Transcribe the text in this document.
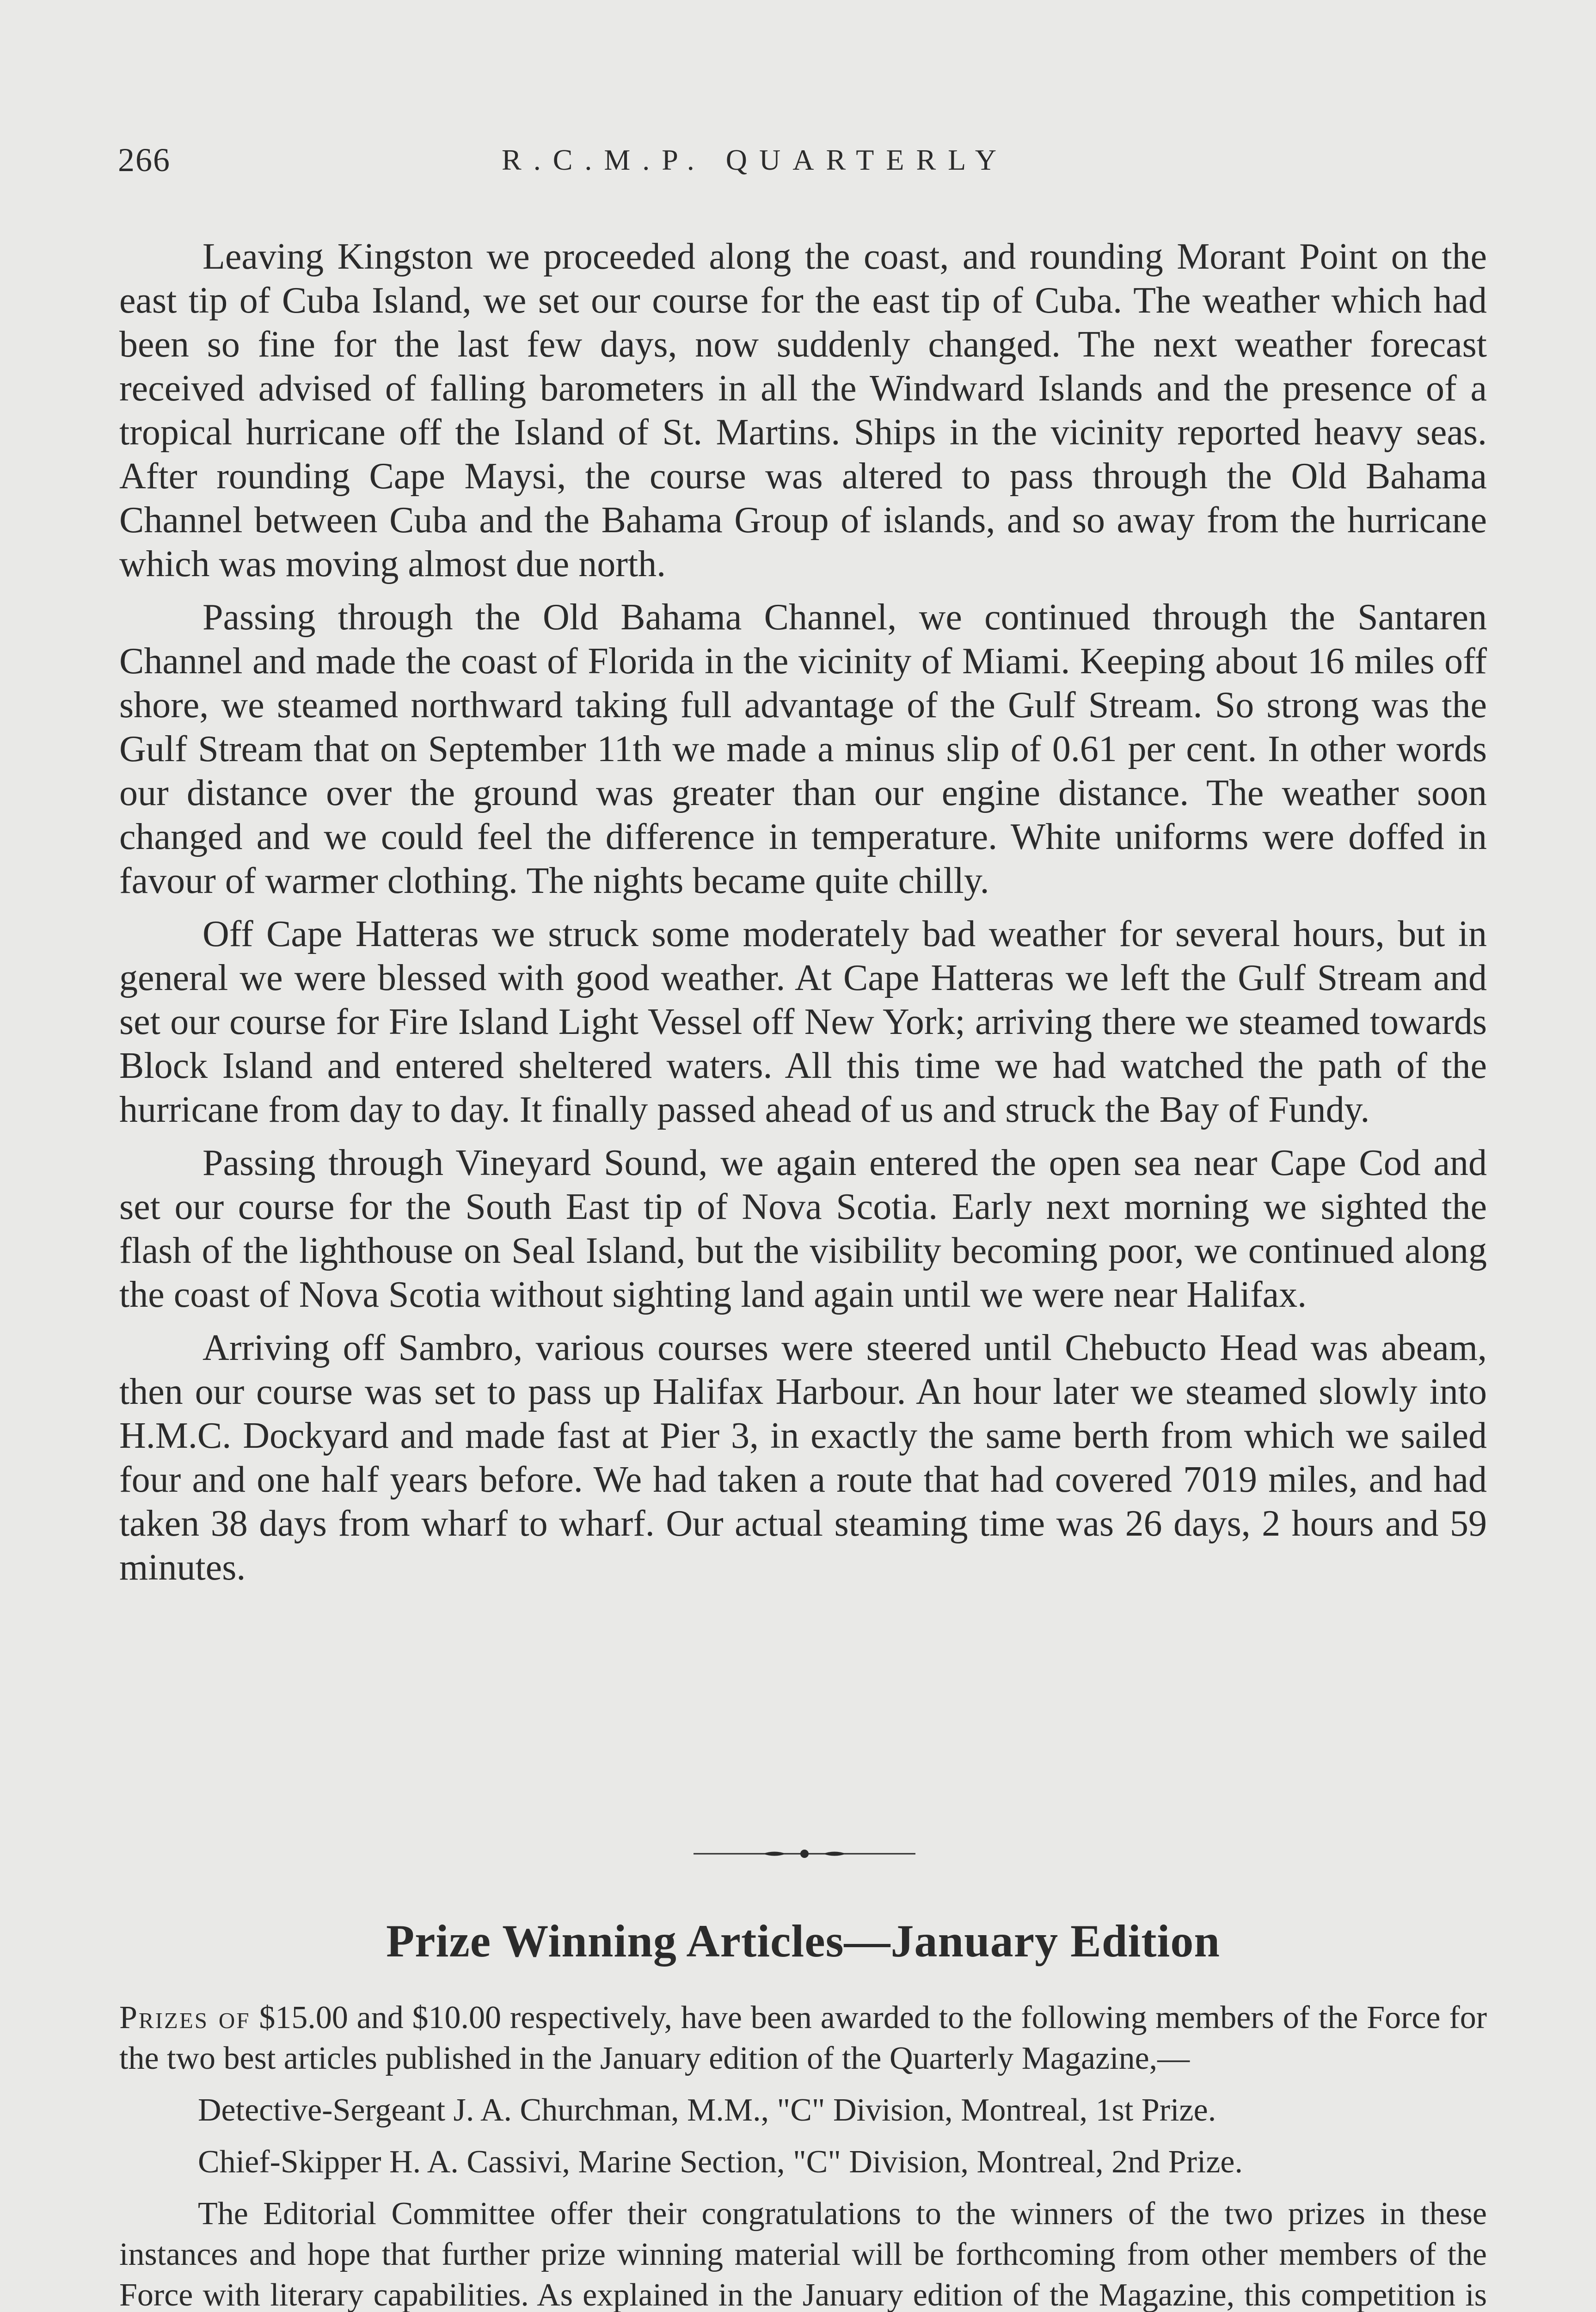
266	R.C.M.P. QUARTERLY

Leaving Kingston we proceeded along the coast, and rounding Morant Point on the east tip of Cuba Island, we set our course for the east tip of Cuba. The weather which had been so fine for the last few days, now suddenly changed. The next weather forecast received advised of falling barometers in all the Windward Islands and the presence of a tropical hurricane off the Island of St. Martins. Ships in the vicinity reported heavy seas. After rounding Cape Maysi, the course was altered to pass through the Old Bahama Channel between Cuba and the Bahama Group of islands, and so away from the hurricane which was moving almost due north.

Passing through the Old Bahama Channel, we continued through the Santaren Channel and made the coast of Florida in the vicinity of Miami. Keeping about 16 miles off shore, we steamed northward taking full advantage of the Gulf Stream. So strong was the Gulf Stream that on September 11th we made a minus slip of 0.61 per cent. In other words our distance over the ground was greater than our engine distance. The weather soon changed and we could feel the difference in temperature. White uniforms were doffed in favour of warmer clothing. The nights became quite chilly.

Off Cape Hatteras we struck some moderately bad weather for several hours, but in general we were blessed with good weather. At Cape Hatteras we left the Gulf Stream and set our course for Fire Island Light Vessel off New York; arriving there we steamed towards Block Island and entered sheltered waters. All this time we had watched the path of the hurricane from day to day. It finally passed ahead of us and struck the Bay of Fundy.

Passing through Vineyard Sound, we again entered the open sea near Cape Cod and set our course for the South East tip of Nova Scotia. Early next morning we sighted the flash of the lighthouse on Seal Island, but the visibility becoming poor, we continued along the coast of Nova Scotia without sighting land again until we were near Halifax.

Arriving off Sambro, various courses were steered until Chebucto Head was abeam, then our course was set to pass up Halifax Harbour. An hour later we steamed slowly into H.M.C. Dockyard and made fast at Pier 3, in exactly the same berth from which we sailed four and one half years before. We had taken a route that had covered 7019 miles, and had taken 38 days from wharf to wharf. Our actual steaming time was 26 days, 2 hours and 59 minutes.

Prize Winning Articles—January Edition

Prizes of $15.00 and $10.00 respectively, have been awarded to the following members of the Force for the two best articles published in the January edition of the Quarterly Magazine,—

Detective-Sergeant J. A. Churchman, M.M., "C" Division, Montreal, 1st Prize.

Chief-Skipper H. A. Cassivi, Marine Section, "C" Division, Montreal, 2nd Prize.

The Editorial Committee offer their congratulations to the winners of the two prizes in these instances and hope that further prize winning material will be forthcoming from other members of the Force with literary capabilities. As explained in the January edition of the Magazine, this competition is
